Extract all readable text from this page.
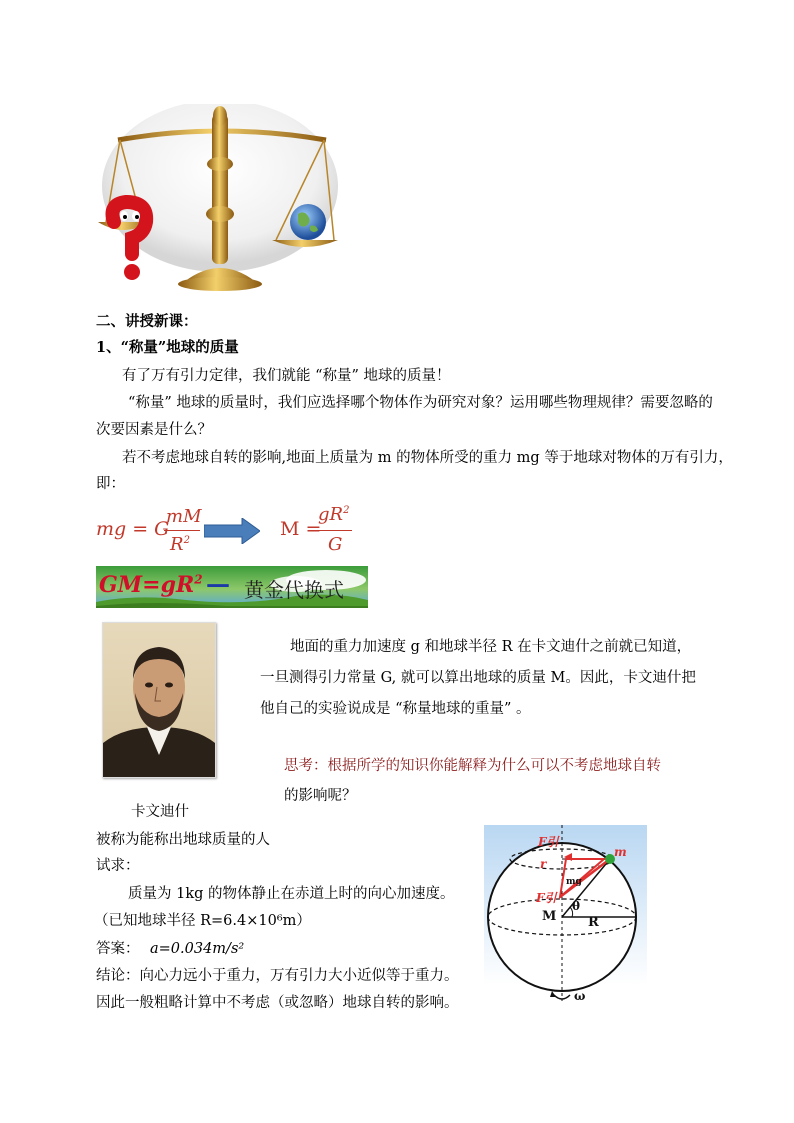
二、讲授新课：
1、“称量”地球的质量
有了万有引力定律，我们就能 “称量” 地球的质量！
“称量” 地球的质量时，我们应选择哪个物体作为研究对象？运用哪些物理规律？需要忽略的
次要因素是什么？
若不考虑地球自转的影响,地面上质量为 m 的物体所受的重力 mg 等于地球对物体的万有引力，
即：
mg = G
mM
$R^2$
M =
$gR^2$
G
$GM=gR^2$ — 黄金代换式
地面的重力加速度 g 和地球半径 R 在卡文迪什之前就已知道，
一旦测得引力常量 G, 就可以算出地球的质量 M。因此，卡文迪什把
他自己的实验说成是 “称量地球的重量” 。
思考：根据所学的知识你能解释为什么可以不考虑地球自转
的影响呢？
卡文迪什
被称为能称出地球质量的人
试求：
质量为 1kg 的物体静止在赤道上时的向心加速度。
（已知地球半径 R=6.4×10⁶m）
答案： a=0.034m/s²
结论：向心力远小于重力，万有引力大小近似等于重力。
因此一般粗略计算中不考虑（或忽略）地球自转的影响。
F引
r
m
mg
F引
M
θ
R
ω
